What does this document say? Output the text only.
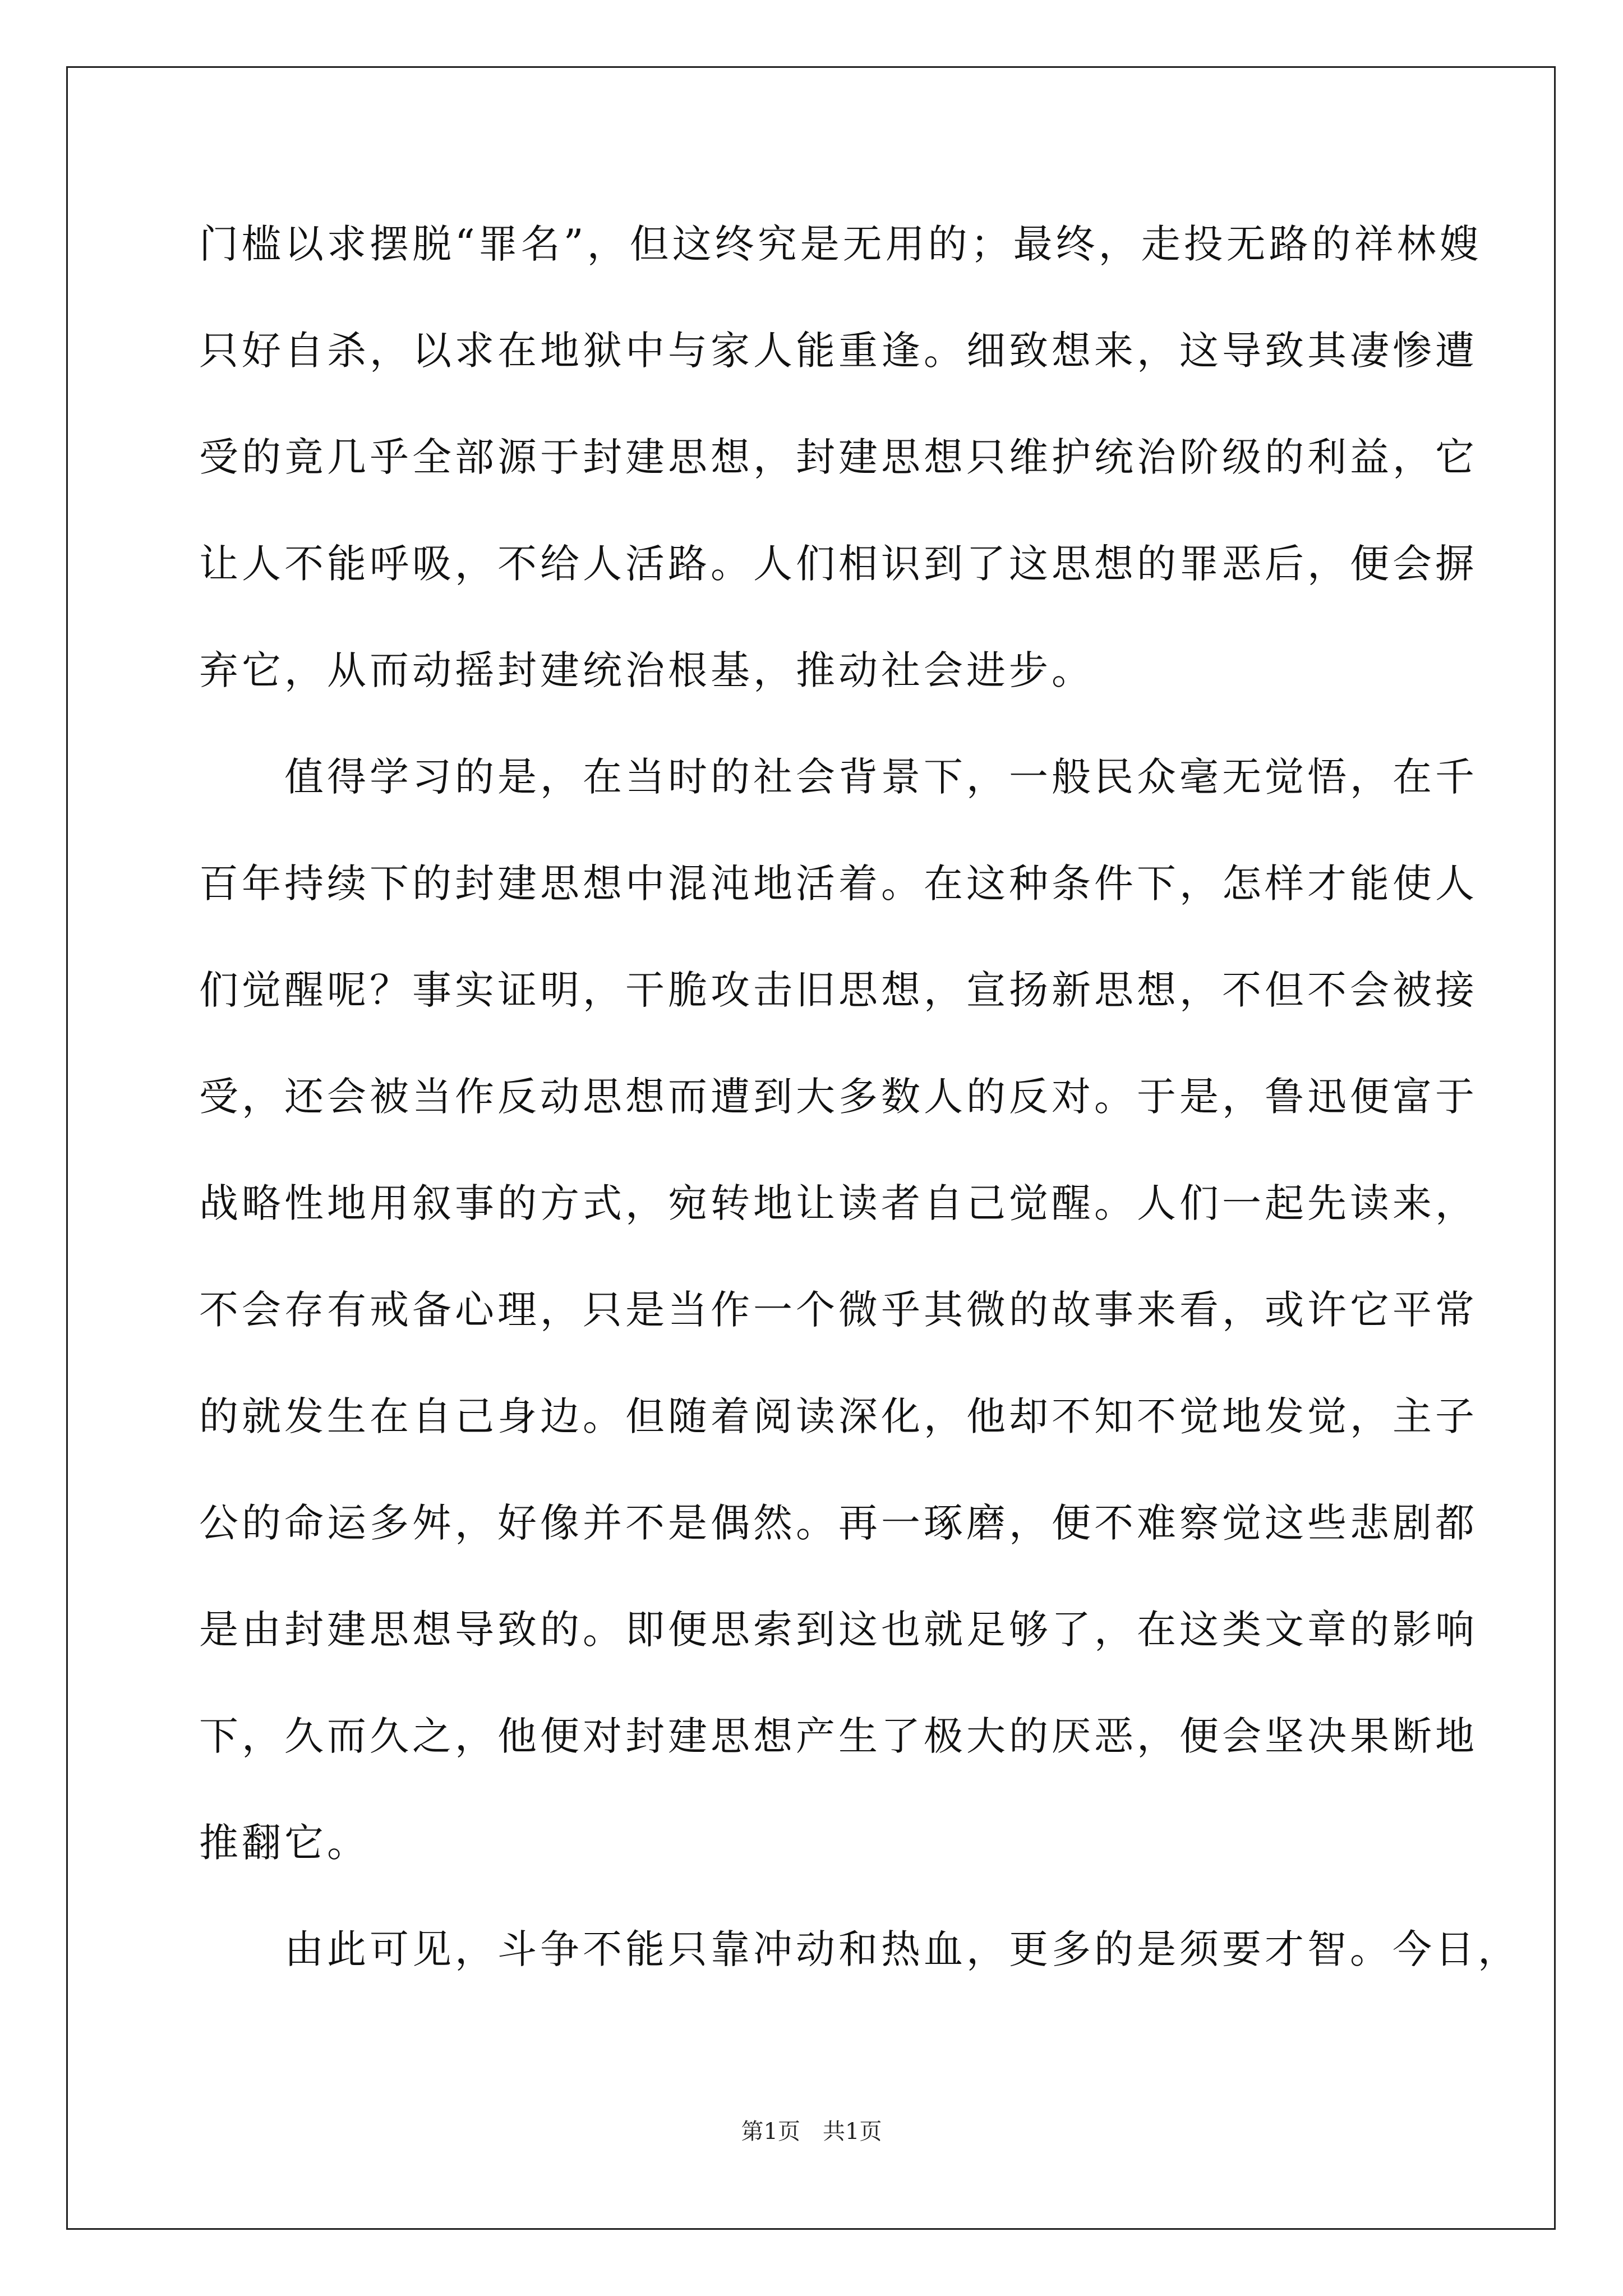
门槛以求摆脱“罪名”，但这终究是无用的；最终，走投无路的祥林嫂
只好自杀，以求在地狱中与家人能重逢。细致想来，这导致其凄惨遭
受的竟几乎全部源于封建思想，封建思想只维护统治阶级的利益，它
让人不能呼吸，不给人活路。人们相识到了这思想的罪恶后，便会摒
弃它，从而动摇封建统治根基，推动社会进步。
　　值得学习的是，在当时的社会背景下，一般民众毫无觉悟，在千
百年持续下的封建思想中混沌地活着。在这种条件下，怎样才能使人
们觉醒呢？事实证明，干脆攻击旧思想，宣扬新思想，不但不会被接
受，还会被当作反动思想而遭到大多数人的反对。于是，鲁迅便富于
战略性地用叙事的方式，宛转地让读者自己觉醒。人们一起先读来，
不会存有戒备心理，只是当作一个微乎其微的故事来看，或许它平常
的就发生在自己身边。但随着阅读深化，他却不知不觉地发觉，主子
公的命运多舛，好像并不是偶然。再一琢磨，便不难察觉这些悲剧都
是由封建思想导致的。即便思索到这也就足够了，在这类文章的影响
下，久而久之，他便对封建思想产生了极大的厌恶，便会坚决果断地
推翻它。
　　由此可见，斗争不能只靠冲动和热血，更多的是须要才智。今日，
第1页　共1页
